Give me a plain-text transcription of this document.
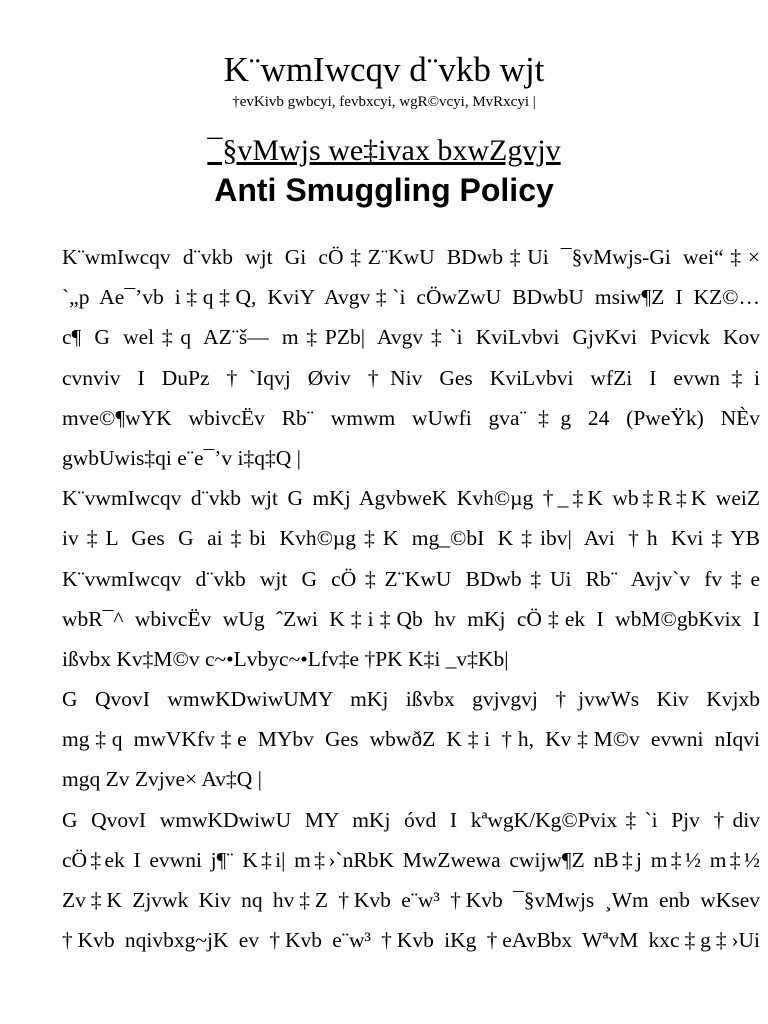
K¨wmIwcqv d¨vkb wjt
†evKivb gwbcyi, fevbxcyi, wgR©vcyi, MvRxcyi |
¯§vMwjs we‡ivax bxwZgvjv
Anti Smuggling Policy
K¨wmIwcqv d¨vkb wjt Gi cÖ‡Z¨KwU BDwb‡Ui ¯§vMwjs-Gi wei“‡×
`„p Ae¯’vb i‡q‡Q, KviY Avgv‡`i cÖwZwU BDwbU msiw¶Z I KZ©…
c¶ G wel‡q AZ¨š— m‡PZb| Avgv‡`i KviLvbvi GjvKvi Pvicvk Kov
cvnviv I DuPz †`Iqvj Øviv †Niv Ges KviLvbvi wfZi I evwn‡i
mve©¶wYK wbivcËv Rb¨ wmwm wUwfi gva¨‡g 24 (PweŸk) NÈv
gwbUwis‡qi e¨e¯’v i‡q‡Q |
K¨vwmIwcqv d¨vkb wjt G mKj AgvbweK Kvh©µg †_‡K wb‡R‡K weiZ
iv‡L Ges G ai‡bi Kvh©µg‡K mg_©bI K‡ibv| Avi †h Kvi‡YB
K¨vwmIwcqv d¨vkb wjt G cÖ‡Z¨KwU BDwb‡Ui Rb¨ Avjv`v fv‡e
wbR¯^ wbivcËv wUg ˆZwi K‡i‡Qb hv mKj cÖ‡ek I wbM©gbKvix I
ißvbx Kv‡M©v c~•Lvbyc~•Lfv‡e †PK K‡i _v‡Kb|
G QvovI wmwKDwiwUMY mKj ißvbx gvjvgvj †jvwWs Kiv Kvjxb
mg‡q mwVKfv‡e MYbv Ges wbwðZ K‡i †h, Kv‡M©v evwni nIqvi
mgq Zv Zvjve× Av‡Q |
G QvovI wmwKDwiwU MY mKj óvd I kªwgK/Kg©Pvix‡`i Pjv †div
cÖ‡ek I evwni j¶¨ K‡i| m‡›`nRbK MwZwewa cwijw¶Z nB‡j m‡½ m‡½
Zv‡K Zjvwk Kiv nq hv‡Z †Kvb e¨w³ †Kvb ¯§vMwjs ¸Wm enb wKsev
†Kvb nqivbxg~jK ev †Kvb e¨w³ †Kvb iKg †eAvBbx WªvM kxc‡g‡›Ui
